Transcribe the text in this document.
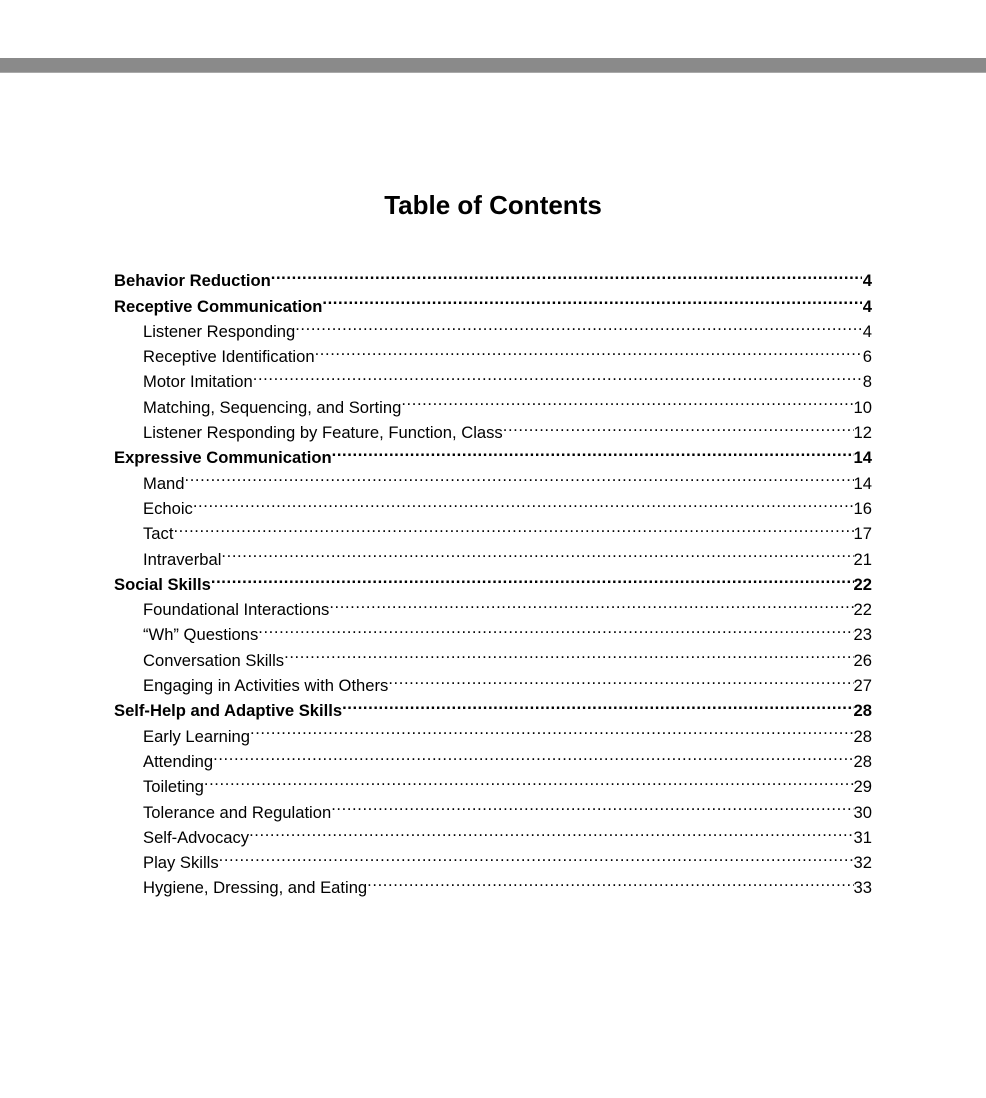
Table of Contents
Behavior Reduction .....	4
Receptive Communication .....	4
Listener Responding .....	4
Receptive Identification .....	6
Motor Imitation .....	8
Matching, Sequencing, and Sorting .....	10
Listener Responding by Feature, Function, Class .....	12
Expressive Communication .....	14
Mand .....	14
Echoic .....	16
Tact .....	17
Intraverbal .....	21
Social Skills .....	22
Foundational Interactions .....	22
“Wh” Questions .....	23
Conversation Skills .....	26
Engaging in Activities with Others .....	27
Self-Help and Adaptive Skills .....	28
Early Learning .....	28
Attending .....	28
Toileting .....	29
Tolerance and Regulation .....	30
Self-Advocacy .....	31
Play Skills .....	32
Hygiene, Dressing, and Eating .....	33
